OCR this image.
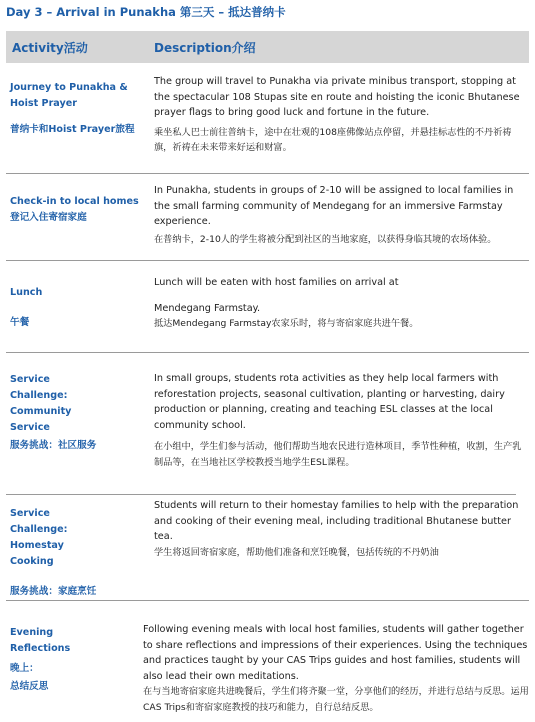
Day 3 – Arrival in Punakha 第三天 – 抵达普纳卡
Activity活动	Description介绍
Journey to Punakha & Hoist Prayer
普纳卡和Hoist Prayer旅程

The group will travel to Punakha via private minibus transport, stopping at the spectacular 108 Stupas site en route and hoisting the iconic Bhutanese prayer flags to bring good luck and fortune in the future.

乘坐私人巴士前往普纳卡，途中在壮观的108座佛像站点停留，并悬挂标志性的不丹祈祷旗，祈祷在未来带来好运和财富。

Check-in to local homes
登记入住寄宿家庭

In Punakha, students in groups of 2-10 will be assigned to local families in the small farming community of Mendegang for an immersive Farmstay experience.

在普纳卡，2-10人的学生将被分配到社区的当地家庭，以获得身临其境的农场体验。

Lunch
午餐

Lunch will be eaten with host families on arrival at

Mendegang Farmstay.

抵达Mendegang Farmstay农家乐时，将与寄宿家庭共进午餐。

Service Challenge: Community Service
服务挑战：社区服务

In small groups, students rota activities as they help local farmers with reforestation projects, seasonal cultivation, planting or harvesting, dairy production or planning, creating and teaching ESL classes at the local community school.

在小组中，学生们参与活动，他们帮助当地农民进行造林项目，季节性种植，收割，生产乳制品等，在当地社区学校教授当地学生ESL课程。

Service Challenge: Homestay Cooking
服务挑战：家庭烹饪

Students will return to their homestay families to help with the preparation and cooking of their evening meal, including traditional Bhutanese butter tea.

学生将返回寄宿家庭，帮助他们准备和烹饪晚餐，包括传统的不丹奶油

Evening Reflections
晚上：
总结反思

Following evening meals with local host families, students will gather together to share reflections and impressions of their experiences. Using the techniques and practices taught by your CAS Trips guides and host families, students will also lead their own meditations.

在与当地寄宿家庭共进晚餐后，学生们将齐聚一堂，分享他们的经历，并进行总结与反思。运用CAS Trips和寄宿家庭教授的技巧和能力，自行总结反思。
